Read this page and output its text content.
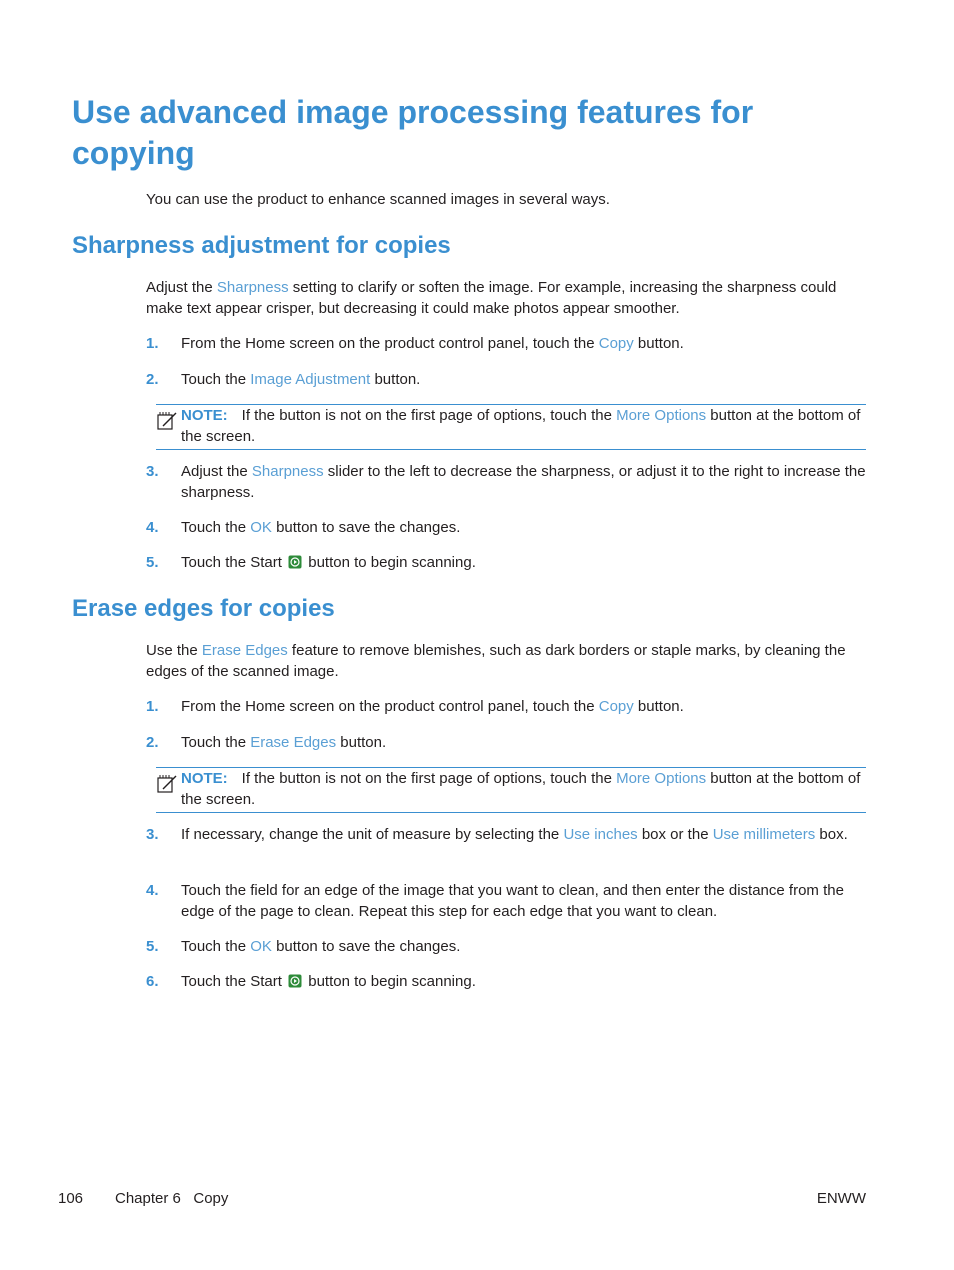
Use advanced image processing features for copying

You can use the product to enhance scanned images in several ways.

Sharpness adjustment for copies

Adjust the Sharpness setting to clarify or soften the image. For example, increasing the sharpness could make text appear crisper, but decreasing it could make photos appear smoother.

1.	From the Home screen on the product control panel, touch the Copy button.
2.	Touch the Image Adjustment button.
NOTE: If the button is not on the first page of options, touch the More Options button at the bottom of the screen.
3.	Adjust the Sharpness slider to the left to decrease the sharpness, or adjust it to the right to increase the sharpness.
4.	Touch the OK button to save the changes.
5.	Touch the Start  button to begin scanning.
Erase edges for copies

Use the Erase Edges feature to remove blemishes, such as dark borders or staple marks, by cleaning the edges of the scanned image.

1.	From the Home screen on the product control panel, touch the Copy button.
2.	Touch the Erase Edges button.
NOTE: If the button is not on the first page of options, touch the More Options button at the bottom of the screen.
3.	If necessary, change the unit of measure by selecting the Use inches box or the Use millimeters box.
4.	Touch the field for an edge of the image that you want to clean, and then enter the distance from the edge of the page to clean. Repeat this step for each edge that you want to clean.
5.	Touch the OK button to save the changes.
6.	Touch the Start  button to begin scanning.
106 Chapter 6   Copy	ENWW
